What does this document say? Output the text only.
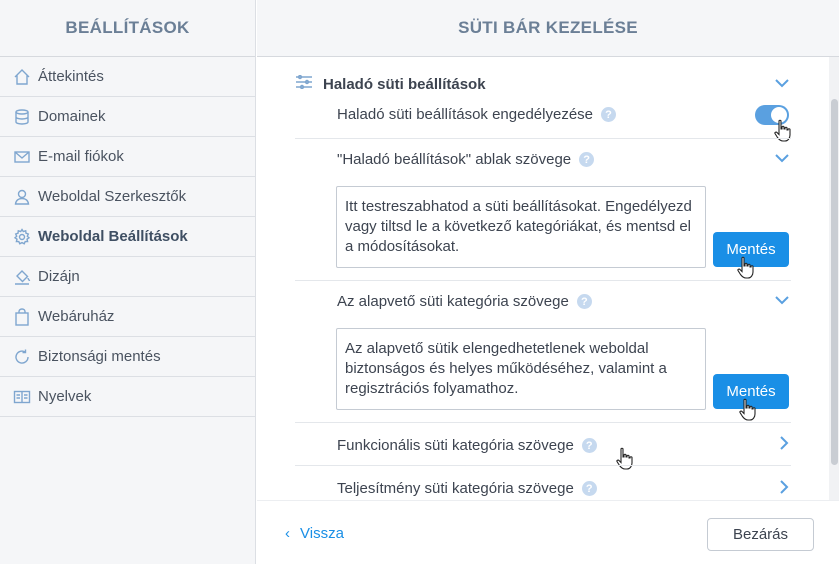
BEÁLLÍTÁSOK
Áttekintés
Domainek
E-mail fiókok
Weboldal Szerkesztők
Weboldal Beállítások
Dizájn
Webáruház
Biztonsági mentés
Nyelvek
SÜTI BÁR KEZELÉSE
Haladó süti beállítások
Haladó süti beállítások engedélyezése	?
"Haladó beállítások" ablak szövege	?
Itt testreszabhatod a süti beállításokat. Engedélyezd vagy tiltsd le a következő kategóriákat, és mentsd el a módosításokat.	Mentés
Az alapvető süti kategória szövege	?
Az alapvető sütik elengedhetetlenek weboldal biztonságos és helyes működéséhez, valamint a regisztrációs folyamathoz.	Mentés
Funkcionális süti kategória szövege	?
Teljesítmény süti kategória szövege	?
‹ Vissza	Bezárás
